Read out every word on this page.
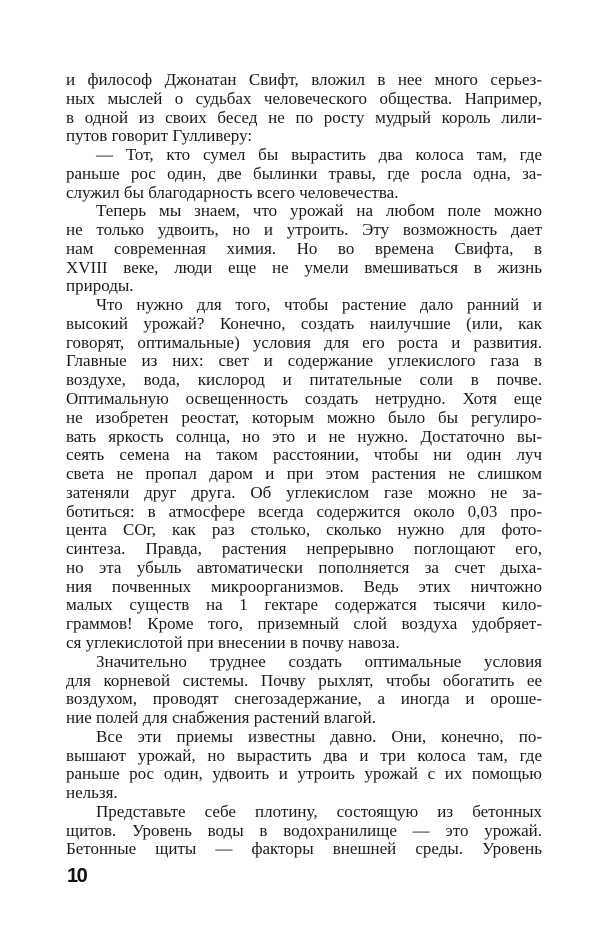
и философ Джонатан Свифт, вложил в нее много серьез-
ных мыслей о судьбах человеческого общества. Например,
в одной из своих бесед не по росту мудрый король лили-
путов говорит Гулливеру:
— Тот, кто сумел бы вырастить два колоса там, где
раньше рос один, две былинки травы, где росла одна, за-
служил бы благодарность всего человечества.
Теперь мы знаем, что урожай на любом поле можно
не только удвоить, но и утроить. Эту возможность дает
нам современная химия. Но во времена Свифта, в
XVIII веке, люди еще не умели вмешиваться в жизнь
природы.
Что нужно для того, чтобы растение дало ранний и
высокий урожай? Конечно, создать наилучшие (или, как
говорят, оптимальные) условия для его роста и развития.
Главные из них: свет и содержание углекислого газа в
воздухе, вода, кислород и питательные соли в почве.
Оптимальную освещенность создать нетрудно. Хотя еще
не изобретен реостат, которым можно было бы регулиро-
вать яркость солнца, но это и не нужно. Достаточно вы-
сеять семена на таком расстоянии, чтобы ни один луч
света не пропал даром и при этом растения не слишком
затеняли друг друга. Об углекислом газе можно не за-
ботиться: в атмосфере всегда содержится около 0,03 про-
цента СОг, как раз столько, сколько нужно для фото-
синтеза. Правда, растения непрерывно поглощают его,
но эта убыль автоматически пополняется за счет дыха-
ния почвенных микроорганизмов. Ведь этих ничтожно
малых существ на 1 гектаре содержатся тысячи кило-
граммов! Кроме того, приземный слой воздуха удобряет-
ся углекислотой при внесении в почву навоза.
Значительно труднее создать оптимальные условия
для корневой системы. Почву рыхлят, чтобы обогатить ее
воздухом, проводят снегозадержание, а иногда и ороше-
ние полей для снабжения растений влагой.
Все эти приемы известны давно. Они, конечно, по-
вышают урожай, но вырастить два и три колоса там, где
раньше рос один, удвоить и утроить урожай с их помощью
нельзя.
Представьте себе плотину, состоящую из бетонных
щитов. Уровень воды в водохранилище — это урожай.
Бетонные щиты — факторы внешней среды. Уровень
10
